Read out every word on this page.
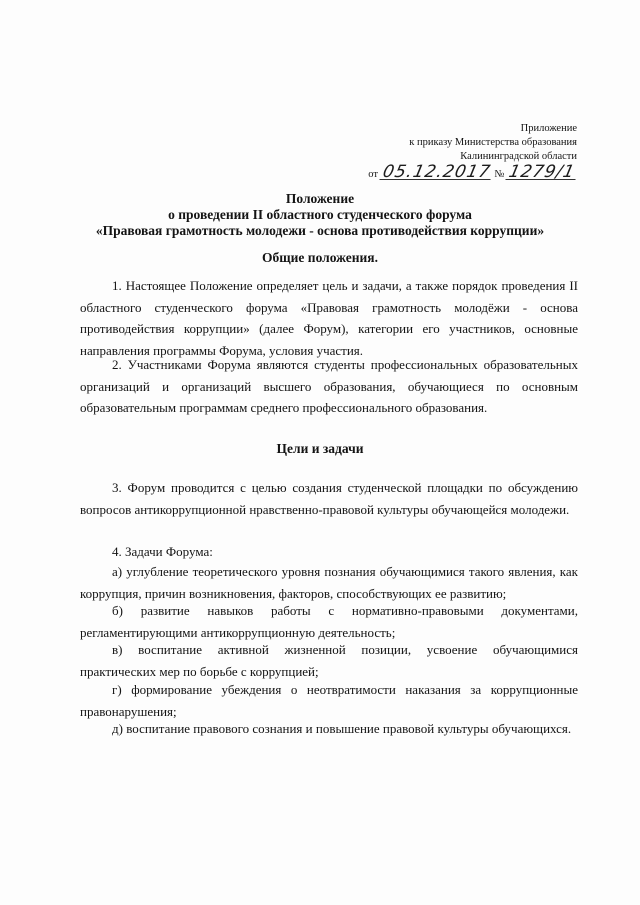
Приложение
к приказу Министерства образования
Калининградской области
от 05.12.2017 № 1279/1
Положение
о проведении II областного студенческого форума
«Правовая грамотность молодежи - основа противодействия коррупции»
Общие положения.

1. Настоящее Положение определяет цель и задачи, а также порядок проведения II областного студенческого форума «Правовая грамотность молодёжи - основа противодействия коррупции» (далее Форум), категории его участников, основные направления программы Форума, условия участия.

2. Участниками Форума являются студенты профессиональных образовательных организаций и организаций высшего образования, обучающиеся по основным образовательным программам среднего профессионального образования.

Цели и задачи

3. Форум проводится с целью создания студенческой площадки по обсуждению вопросов антикоррупционной нравственно-правовой культуры обучающейся молодежи.

4. Задачи Форума:

а) углубление теоретического уровня познания обучающимися такого явления, как коррупция, причин возникновения, факторов, способствующих ее развитию;

б) развитие навыков работы с нормативно-правовыми документами, регламентирующими антикоррупционную деятельность;

в) воспитание активной жизненной позиции, усвоение обучающимися практических мер по борьбе с коррупцией;

г) формирование убеждения о неотвратимости наказания за коррупционные правонарушения;

д) воспитание правового сознания и повышение правовой культуры обучающихся.
